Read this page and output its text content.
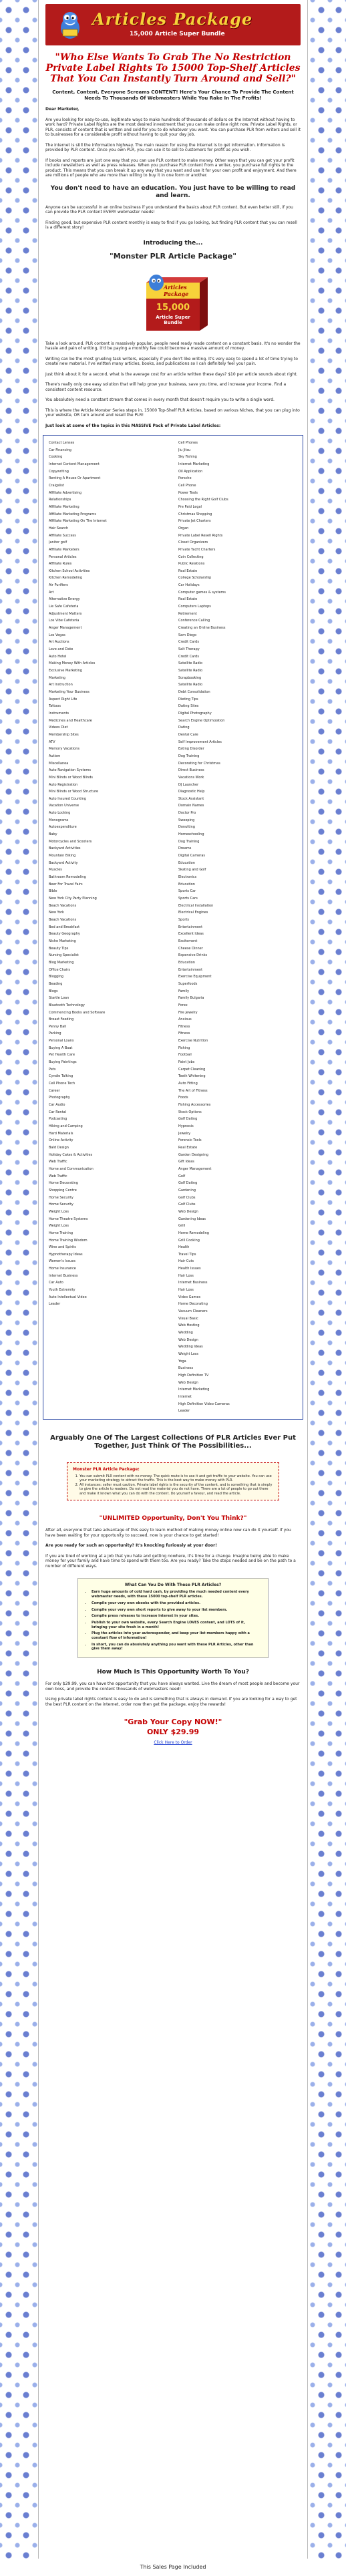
Articles Package
15,000 Article Super Bundle
"Who Else Wants To Grab The No Restriction Private Label Rights To 15000 Top-Shelf Articles That You Can Instantly Turn Around and Sell?"
Content, Content, Everyone Screams CONTENT! Here's Your Chance To Provide The Content Needs To Thousands Of Webmasters While You Rake In The Profits!
Dear Marketer,
Are you looking for easy-to-use, legitimate ways to make hundreds of thousands of dollars on the Internet without having to work hard? Private Label Rights are the most desired investment that you can make online right now. Private Label Rights, or PLR, consists of content that is written and sold for you to do whatever you want. You can purchase PLR from writers and sell it to businesses for a considerable profit without having to quit your day job.
The internet is still the information highway. The main reason for using the internet is to get information. Information is provided by PLR content. Once you own PLR, you can use it to sell to customers for profit as you wish.
If books and reports are just one way that you can use PLR content to make money. Other ways that you can get your profit include newsletters as well as press releases. When you purchase PLR content from a writer, you purchase full rights to the product. This means that you can break it up any way that you want and use it for your own profit and enjoyment. And there are millions of people who are more than willing to buy it in one form or another.
You don't need to have an education. You just have to be willing to read and learn.
Anyone can be successful in an online business if you understand the basics about PLR content. But even better still, if you can provide the PLR content EVERY webmaster needs!
Finding good, but expensive PLR content monthly is easy to find if you go looking, but finding PLR content that you can resell is a different story!
Introducing the...
"Monster PLR Article Package"
Articles Package
15,000
Article Super Bundle
Take a look around. PLR content is massively popular, people need ready made content on a constant basis. It's no wonder the hassle and pain of writing, it'd be paying a monthly fee could become a massive amount of money.
Writing can be the most grueling task writers, especially if you don't like writing. It's very easy to spend a lot of time trying to create new material. I've written many articles, books, and publications so I can definitely feel your pain.
Just think about it for a second, what is the average cost for an article written these days? $10 per article sounds about right.
There's really only one easy solution that will help grow your business, save you time, and increase your income. Find a consistent content resource.
You absolutely need a constant stream that comes in every month that doesn't require you to write a single word.
This is where the Article Monster Series steps in, 15000 Top-Shelf PLR Articles, based on various Niches, that you can plug into your website, OR turn around and resell the PLR!
Just look at some of the topics in this MASSIVE Pack of Private Label Articles:
Contact Lenses
Car Financing
Cooking
Internet Content Management
Copywriting
Renting A House Or Apartment
Craigslist
Affiliate Advertising
Relationships
Affiliate Marketing
Affiliate Marketing Programs
Affiliate Marketing On The Internet
Hair Search
Affiliate Success
Janitor golf
Affiliate Marketers
Personal Articles
Affiliate Rules
Kitchen School Activities
Kitchen Remodeling
Air Purifiers
Art
Alternative Energy
Lie Safe Cafeteria
Adjustment Matters
Los Vibe Cafeteria
Anger Management
Los Vegas
Art Auctions
Love and Date
Auto Hotel
Making Money With Articles
Exclusive Marketing
Marketing
Art Instruction
Marketing Your Business
Aspect Right Life
Tattoos
Instruments
Medicines and Healthcare
Videos Diet
Membership Sites
ATV
Memory Vacations
Autism
Miscellanea
Auto Navigation Systems
Mini Blinds or Wood Blinds
Auto Registration
Mini Blinds or Wood Structure
Auto Insured Counting
Vacation Universe
Auto Locking
Monograms
Autoexpenditure
Baby
Motorcycles and Scooters
Backyard Activities
Mountain Biking
Backyard Activity
Muscles
Bathroom Remodeling
Beer For Travel Fairs
Bible
New York City Party Planning
Beach Vacations
New York
Beach Vacations
Bed and Breakfast
Beauty Geography
Niche Marketing
Beauty Tips
Nursing Specialist
Blog Marketing
Office Chairs
Blogging
Beading
Blogs
Startle Loan
Bluetooth Technology
Commencing Books and Software
Breast Feeding
Penny Ball
Parking
Personal Loans
Buying A Boat
Pet Health Care
Buying Paintings
Pets
Cyndie Talking
Cell Phone Tech
Career
Photography
Car Audio
Car Rental
Podcasting
Hiking and Camping
Hard Materials
Online Activity
Bald Design
Holiday Cakes & Activities
Web Traffic
Home and Communication
Web Traffic
Home Decorating
Shopping Centre
Home Security
Home Security
Weight Loss
Home Theatre Systems
Weight Loss
Home Training
Home Training Wisdom
Wine and Spirits
Hypnotherapy Ideas
Women's Issues
Home Insurance
Internet Business
Car Auto
Youth Extremity
Auto Intellectual Video
Leader
Cell Phones
Jiu Jitsu
Sky Fishing
Internet Marketing
Oil Application
Porsche
Cell Phone
Power Tools
Choosing the Right Golf Clubs
Pre Paid Legal
Christmas Shopping
Private Jet Charters
Organ
Private Label Resell Rights
Closet Organizers
Private Yacht Charters
Coin Collecting
Public Relations
Real Estate
College Scholarship
Car Holidays
Computer games & systems
Real Estate
Computers Laptops
Retirement
Conference Calling
Creating an Online Business
Sam Diego
Credit Cards
Salt Therapy
Credit Cards
Satellite Radio
Satellite Radio
Scrapbooking
Satellite Radio
Debt Consolidation
Dieting Tips
Dating Sites
Digital Photography
Search Engine Optimization
Dating
Dental Care
Self Improvement Articles
Eating Disorder
Dog Training
Decorating for Christmas
Direct Business
Vacations Work
DJ Launcher
Diagnostic Help
Stock Assistant
Domain Names
Doctor Pro
Sweeping
Donutting
Homeschooling
Dog Training
Dreams
Digital Cameras
Education
Skating and Golf
Electronics
Education
Sports Car
Sports Cars
Electrical Installation
Electrical Engines
Sports
Entertainment
Excellent Ideas
Excitement
Cheese Dinner
Expensive Drinks
Education
Entertainment
Exercise Equipment
Superfoods
Family
Family Bulgaria
Forex
Fire Jewelry
Anxious
Fitness
Fitness
Exercise Nutrition
Fishing
Football
Paint Jobs
Carpet Cleaning
Teeth Whitening
Auto Fitting
The Art of Fitness
Foods
Fishing Accessories
Stock Options
Golf Dating
Hypnosis
Jewelry
Forensic Tools
Real Estate
Garden Designing
Gift Ideas
Anger Management
Golf
Golf Dating
Gardening
Golf Clubs
Golf Clubs
Web Design
Gardening Ideas
Grill
Home Remodeling
Grill Cooking
Health
Travel Tips
Hair Cuts
Health Issues
Hair Loss
Internet Business
Hair Loss
Video Games
Home Decorating
Vacuum Cleaners
Visual Basic
Web Hosting
Wedding
Web Design
Wedding Ideas
Weight Loss
Yoga
Business
High Definition TV
Web Design
Internet Marketing
Internet
High Definition Video Cameras
Leader
Arguably One Of The Largest Collections Of PLR Articles Ever Put Together, Just Think Of The Possibilities...
Monster PLR Article Package:
1. You can submit PLR content with no money. The quick route is to use it and get traffic to your website. You can use your marketing strategy to attract the traffic. This is the best way to make money with PLR.
2. All instances: seller must caution. Private label rights is the security of the content, and is something that is simply to give the article to readers. Do not read the material you do not have. There are a lot of people to go out there and make it known what you can do with the content. Do yourself a favour, and read the article.
"UNLIMITED Opportunity, Don't You Think?"
After all, everyone that take advantage of this easy to learn method of making money online now can do it yourself. If you have been waiting for your opportunity to succeed, now is your chance to get started!
Are you ready for such an opportunity? It's knocking furiously at your door!
If you are tired of working at a job that you hate and getting nowhere, it's time for a change. Imagine being able to make money for your family and have time to spend with them too. Are you ready? Take the steps needed and be on the path to a number of different ways.
What Can You Do With These PLR Articles?
• Earn huge amounts of cold hard cash, by providing the much needed content every webmaster needs, with these 15000 top-shelf PLR articles.
• Compile your very own ebooks with the provided articles.
• Compile your very own short reports to give away to your list members.
• Compile press releases to increase interest in your sites.
• Publish to your own website, every Search Engine LOVES content, and LOTS of it, bringing your site fresh in a month!
• Plug the articles into your autoresponder, and keep your list members happy with a constant flow of information!
• In short, you can do absolutely anything you want with these PLR Articles, other than give them away!
How Much Is This Opportunity Worth To You?
For only $29.99, you can have the opportunity that you have always wanted. Live the dream of most people and become your own boss, and provide the content thousands of webmasters need!
Using private label rights content is easy to do and is something that is always in demand. If you are looking for a way to get the best PLR content on the internet, order now then get the package, enjoy the rewards!
"Grab Your Copy NOW!"
ONLY $29.99
Click Here to Order
This Sales Page Included
